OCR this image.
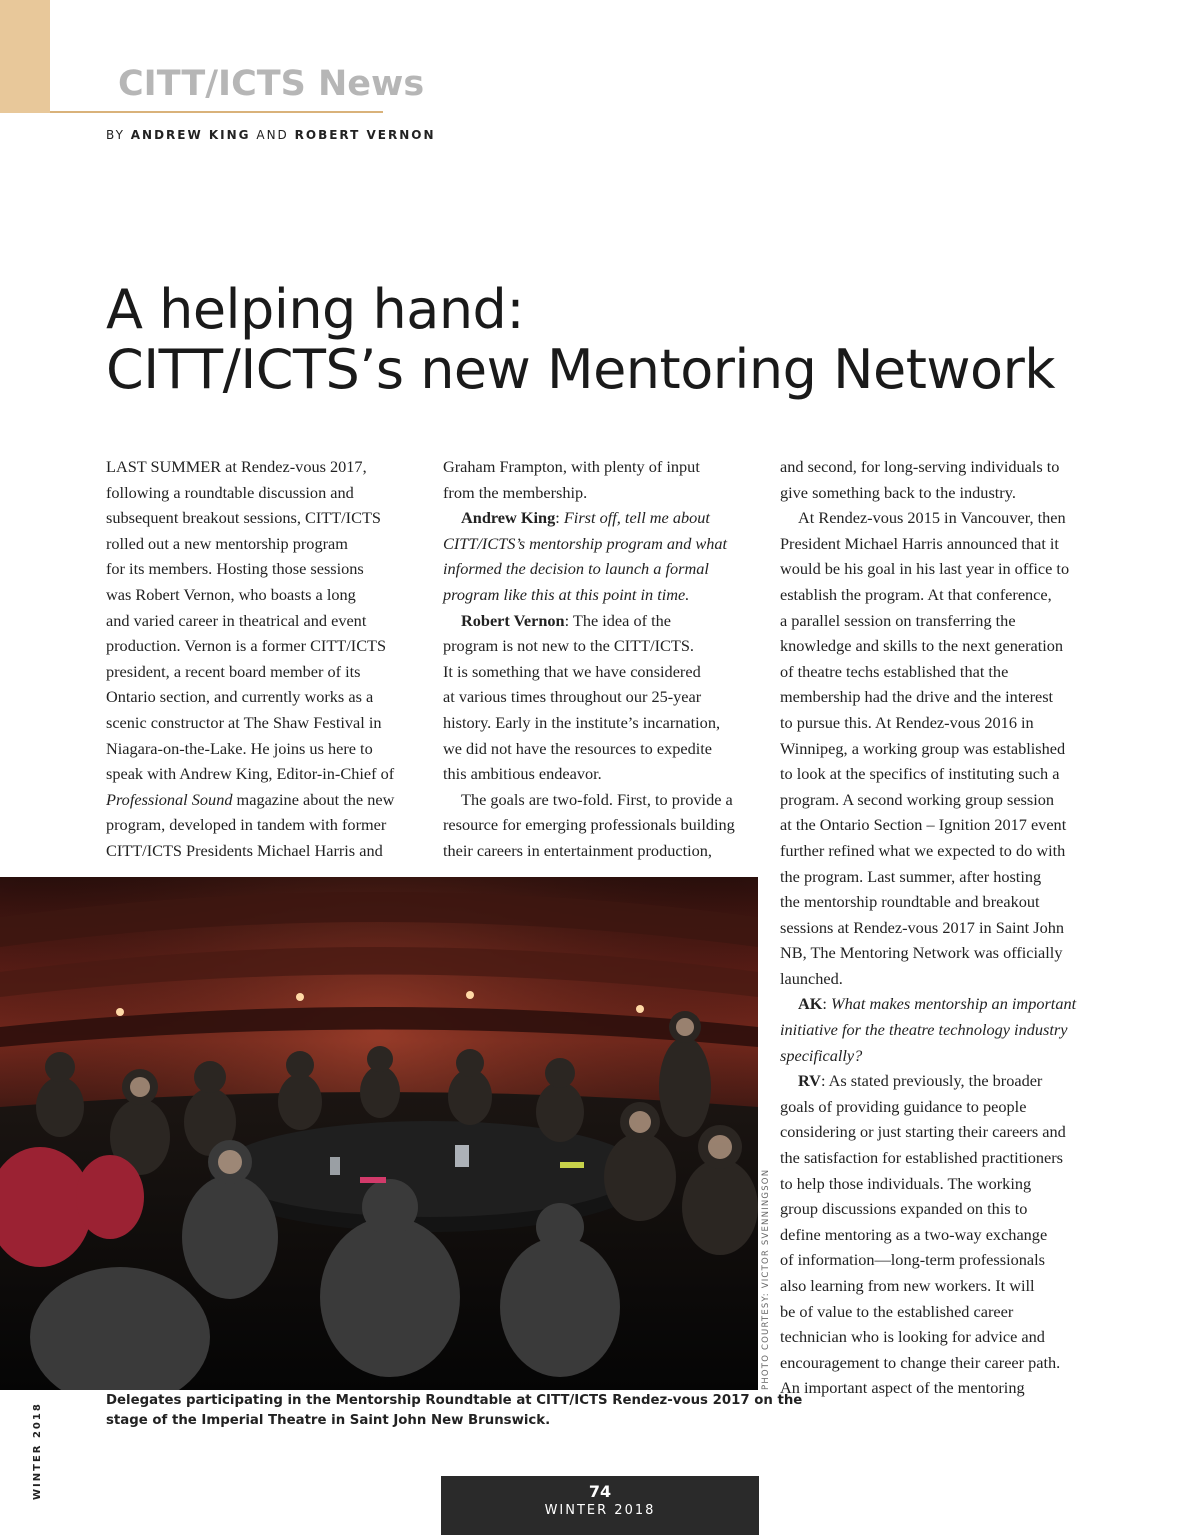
CITT/ICTS News
BY ANDREW KING AND ROBERT VERNON
A helping hand:
CITT/ICTS’s new Mentoring Network

LAST SUMMER at Rendez-vous 2017,
following a roundtable discussion and
subsequent breakout sessions, CITT/ICTS
rolled out a new mentorship program
for its members. Hosting those sessions
was Robert Vernon, who boasts a long
and varied career in theatrical and event
production. Vernon is a former CITT/ICTS
president, a recent board member of its
Ontario section, and currently works as a
scenic constructor at The Shaw Festival in
Niagara-on-the-Lake. He joins us here to
speak with Andrew King, Editor-in-Chief of
Professional Sound magazine about the new
program, developed in tandem with former
CITT/ICTS Presidents Michael Harris and

Graham Frampton, with plenty of input
from the membership.

Andrew King: First off, tell me about
CITT/ICTS’s mentorship program and what
informed the decision to launch a formal
program like this at this point in time.

Robert Vernon: The idea of the
program is not new to the CITT/ICTS.
It is something that we have considered
at various times throughout our 25-year
history. Early in the institute’s incarnation,
we did not have the resources to expedite
this ambitious endeavor.

The goals are two-fold. First, to provide a
resource for emerging professionals building
their careers in entertainment production,

and second, for long-serving individuals to
give something back to the industry.

At Rendez-vous 2015 in Vancouver, then
President Michael Harris announced that it
would be his goal in his last year in office to
establish the program. At that conference,
a parallel session on transferring the
knowledge and skills to the next generation
of theatre techs established that the
membership had the drive and the interest
to pursue this. At Rendez-vous 2016 in
Winnipeg, a working group was established
to look at the specifics of instituting such a
program. A second working group session
at the Ontario Section – Ignition 2017 event
further refined what we expected to do with
the program. Last summer, after hosting
the mentorship roundtable and breakout
sessions at Rendez-vous 2017 in Saint John
NB, The Mentoring Network was officially
launched.

AK: What makes mentorship an important
initiative for the theatre technology industry
specifically?

RV: As stated previously, the broader
goals of providing guidance to people
considering or just starting their careers and
the satisfaction for established practitioners
to help those individuals. The working
group discussions expanded on this to
define mentoring as a two-way exchange
of information—long-term professionals
also learning from new workers. It will
be of value to the established career
technician who is looking for advice and
encouragement to change their career path.
An important aspect of the mentoring

PHOTO COURTESY: VICTOR SVENNINGSON
Delegates participating in the Mentorship Roundtable at CITT/ICTS Rendez-vous 2017 on the
stage of the Imperial Theatre in Saint John New Brunswick.
WINTER 2018	74
WINTER 2018
